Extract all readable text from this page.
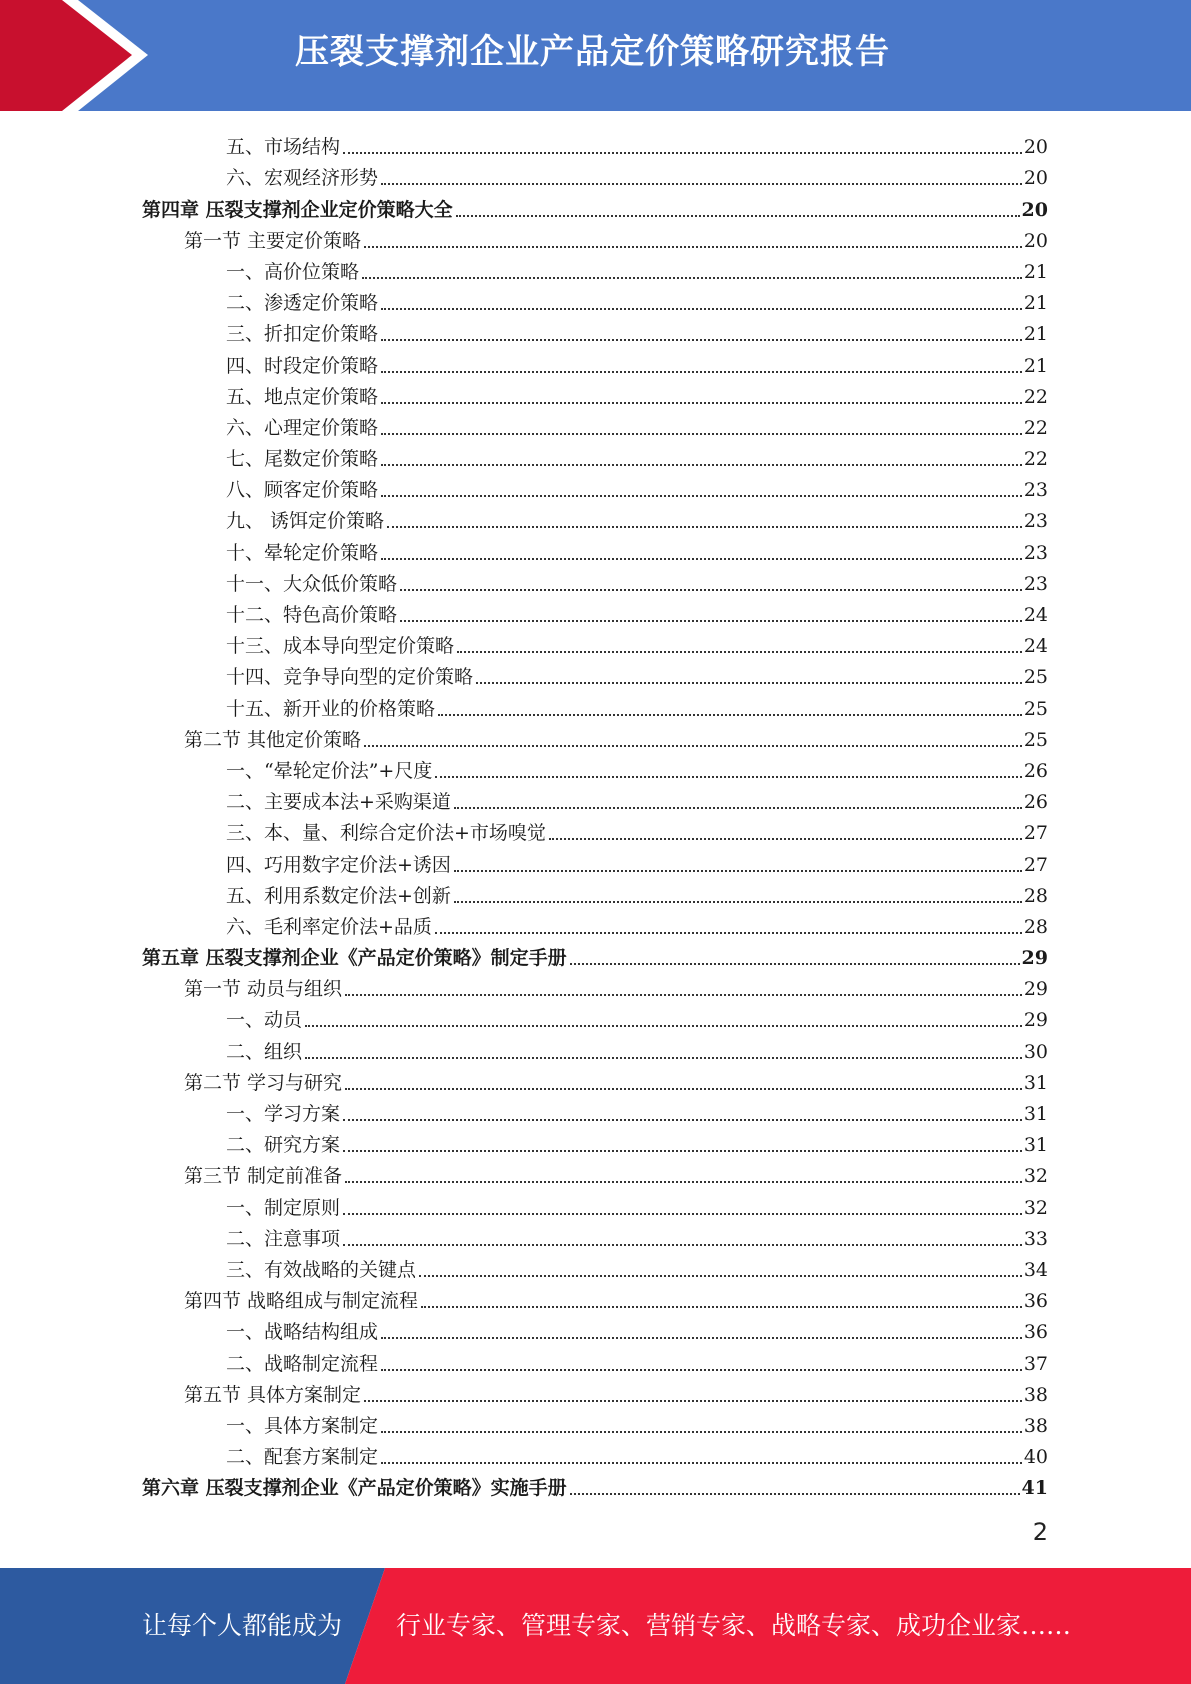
压裂支撑剂企业产品定价策略研究报告
五、市场结构	20
六、宏观经济形势	20
第四章 压裂支撑剂企业定价策略大全	20
第一节 主要定价策略	20
一、高价位策略	21
二、渗透定价策略	21
三、折扣定价策略	21
四、时段定价策略	21
五、地点定价策略	22
六、心理定价策略	22
七、尾数定价策略	22
八、顾客定价策略	23
九、 诱饵定价策略	23
十、晕轮定价策略	23
十一、大众低价策略	23
十二、特色高价策略	24
十三、成本导向型定价策略	24
十四、竞争导向型的定价策略	25
十五、新开业的价格策略	25
第二节 其他定价策略	25
一、“晕轮定价法”+尺度	26
二、主要成本法+采购渠道	26
三、本、量、利综合定价法+市场嗅觉	27
四、巧用数字定价法+诱因	27
五、利用系数定价法+创新	28
六、毛利率定价法+品质	28
第五章 压裂支撑剂企业《产品定价策略》制定手册	29
第一节 动员与组织	29
一、动员	29
二、组织	30
第二节 学习与研究	31
一、学习方案	31
二、研究方案	31
第三节 制定前准备	32
一、制定原则	32
二、注意事项	33
三、有效战略的关键点	34
第四节 战略组成与制定流程	36
一、战略结构组成	36
二、战略制定流程	37
第五节 具体方案制定	38
一、具体方案制定	38
二、配套方案制定	40
第六章 压裂支撑剂企业《产品定价策略》实施手册	41
2
让每个人都能成为 行业专家、管理专家、营销专家、战略专家、成功企业家……
